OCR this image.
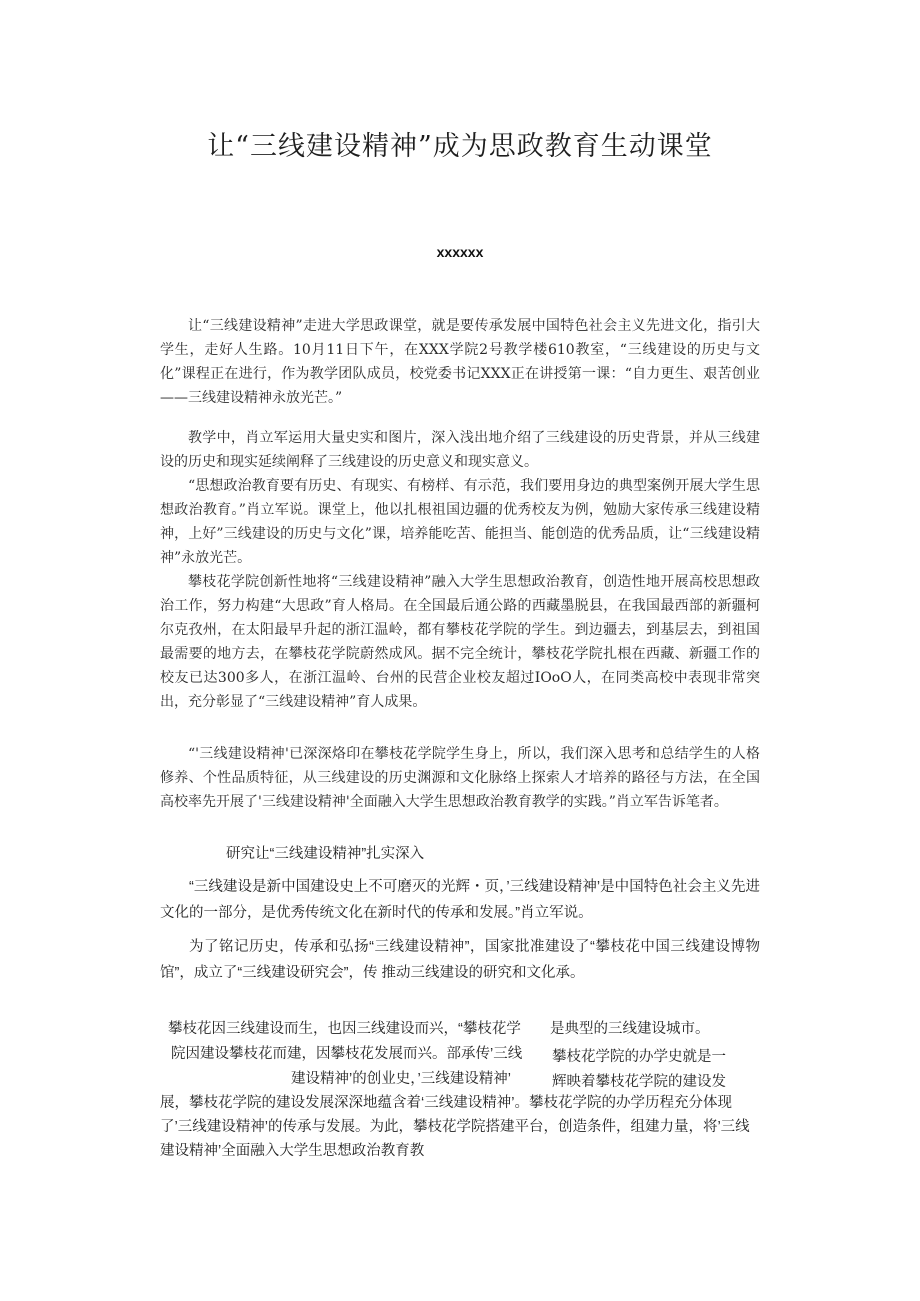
让“三线建设精神”成为思政教育生动课堂
xxxxxx

让“三线建设精神”走进大学思政课堂，就是要传承发展中国特色社会主义先进文化，指引大学生，走好人生路。10月11日下午，在XXX学院2号教学楼610教室，“三线建设的历史与文化”课程正在进行，作为教学团队成员，校党委书记XXX正在讲授第一课：“自力更生、艰苦创业——三线建设精神永放光芒。”

教学中，肖立军运用大量史实和图片，深入浅出地介绍了三线建设的历史背景，并从三线建设的历史和现实延续阐释了三线建设的历史意义和现实意义。

“思想政治教育要有历史、有现实、有榜样、有示范，我们要用身边的典型案例开展大学生思想政治教育。”肖立军说。课堂上，他以扎根祖国边疆的优秀校友为例，勉励大家传承三线建设精神，上好”三线建设的历史与文化”课，培养能吃苦、能担当、能创造的优秀品质，让“三线建设精神”永放光芒。

攀枝花学院创新性地将“三线建设精神”融入大学生思想政治教育，创造性地开展高校思想政治工作，努力构建“大思政”育人格局。在全国最后通公路的西藏墨脱县，在我国最西部的新疆柯尔克孜州，在太阳最早升起的浙江温岭，都有攀枝花学院的学生。到边疆去，到基层去，到祖国最需要的地方去，在攀枝花学院蔚然成风。据不完全统计，攀枝花学院扎根在西藏、新疆工作的校友已达300多人，在浙江温岭、台州的民营企业校友超过IOoO人，在同类高校中表现非常突出，充分彰显了“三线建设精神”育人成果。

“'三线建设精神'已深深烙印在攀枝花学院学生身上，所以，我们深入思考和总结学生的人格修养、个性品质特征，从三线建设的历史渊源和文化脉络上探索人才培养的路径与方法，在全国高校率先开展了'三线建设精神'全面融入大学生思想政治教育教学的实践。”肖立军告诉笔者。

研究让“三线建设精神”扎实深入

“三线建设是新中国建设史上不可磨灭的光辉・页，’三线建设精神’是中国特色社会主义先进文化的一部分，是优秀传统文化在新时代的传承和发展。”肖立军说。

为了铭记历史，传承和弘扬“三线建设精神”，国家批准建设了“攀枝花中国三线建设博物馆”，成立了“三线建设研究会”，传 推动三线建设的研究和文化承。

攀枝花因三线建设而生，也因三线建设而兴，“攀枝花学 是典型的三线建设城市。
院因建设攀枝花而建，因攀枝花发展而兴。部承传’三线 攀枝花学院的办学史就是一
建设精神’的创业史，’三线建设精神’	辉映着攀枝花学院的建设发
展，攀枝花学院的建设发展深深地蕴含着‘三线建设精神’。攀枝花学院的办学历程充分体现了’三线建设精神’的传承与发展。为此，攀枝花学院搭建平台，创造条件，组建力量，将’三线建设精神’全面融入大学生思想政治教育教
